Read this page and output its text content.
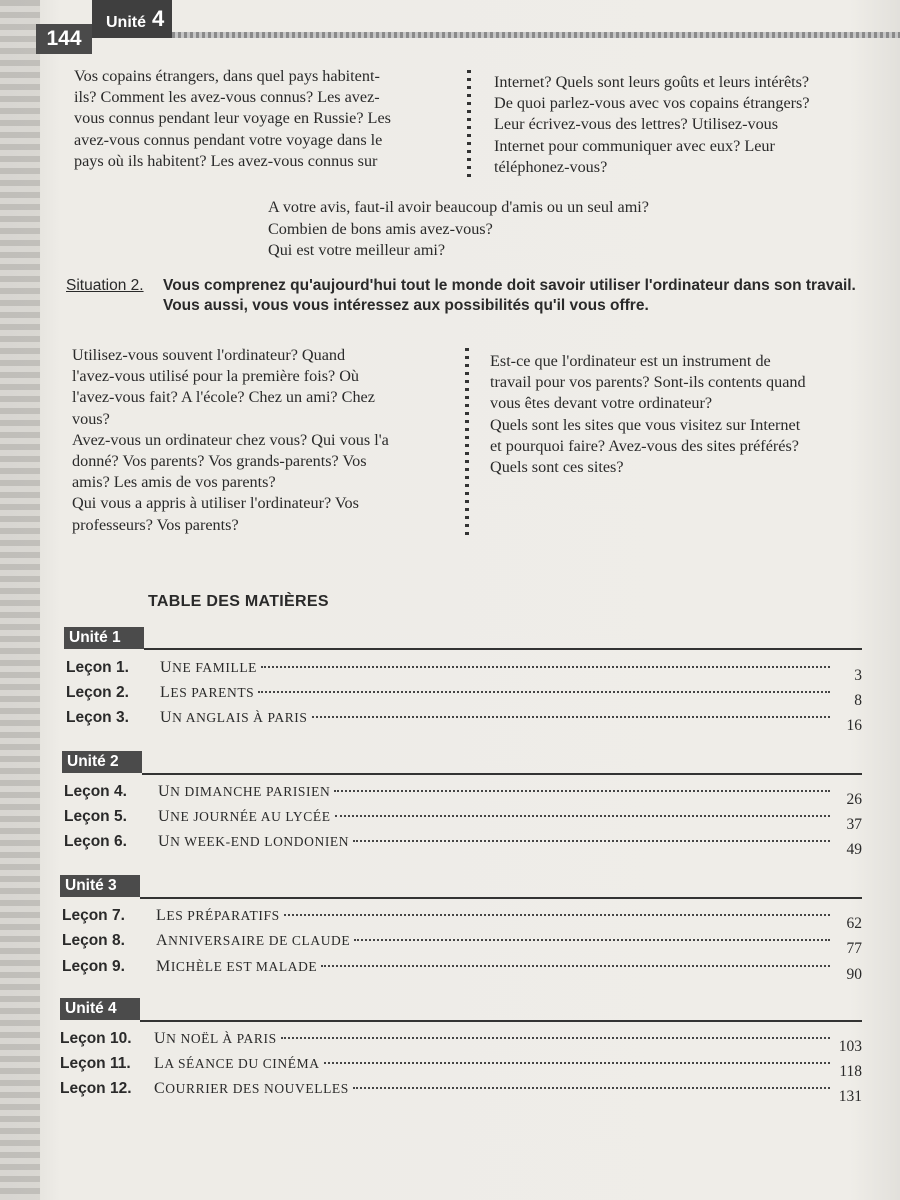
144
Unité 4
Vos copains étrangers, dans quel pays habitent-
ils? Comment les avez-vous connus? Les avez-
vous connus pendant leur voyage en Russie? Les
avez-vous connus pendant votre voyage dans le
pays où ils habitent? Les avez-vous connus sur
Internet? Quels sont leurs goûts et leurs intérêts?
De quoi parlez-vous avec vos copains étrangers?
Leur écrivez-vous des lettres? Utilisez-vous
Internet pour communiquer avec eux? Leur
téléphonez-vous?
A votre avis, faut-il avoir beaucoup d'amis ou un seul ami?
Combien de bons amis avez-vous?
Qui est votre meilleur ami?
Situation 2. Vous comprenez qu'aujourd'hui tout le monde doit savoir utiliser l'ordinateur dans son travail. Vous aussi, vous vous intéressez aux possibilités qu'il vous offre.
Utilisez-vous souvent l'ordinateur? Quand
l'avez-vous utilisé pour la première fois? Où
l'avez-vous fait? A l'école? Chez un ami? Chez
vous?
Avez-vous un ordinateur chez vous? Qui vous l'a
donné? Vos parents? Vos grands-parents? Vos
amis? Les amis de vos parents?
Qui vous a appris à utiliser l'ordinateur? Vos
professeurs? Vos parents?
Est-ce que l'ordinateur est un instrument de
travail pour vos parents? Sont-ils contents quand
vous êtes devant votre ordinateur?
Quels sont les sites que vous visitez sur Internet
et pourquoi faire? Avez-vous des sites préférés?
Quels sont ces sites?
TABLE DES MATIÈRES
Unité 1
Leçon 1.	UNE FAMILLE	3
Leçon 2.	LES PARENTS	8
Leçon 3.	UN ANGLAIS À PARIS	16
Unité 2
Leçon 4.	UN DIMANCHE PARISIEN	26
Leçon 5.	UNE JOURNÉE AU LYCÉE	37
Leçon 6.	UN WEEK-END LONDONIEN	49
Unité 3
Leçon 7.	LES PRÉPARATIFS	62
Leçon 8.	ANNIVERSAIRE DE CLAUDE	77
Leçon 9.	MICHÈLE EST MALADE	90
Unité 4
Leçon 10.	UN NOËL À PARIS	103
Leçon 11.	LA SÉANCE DU CINÉMA	118
Leçon 12.	COURRIER DES NOUVELLES	131
